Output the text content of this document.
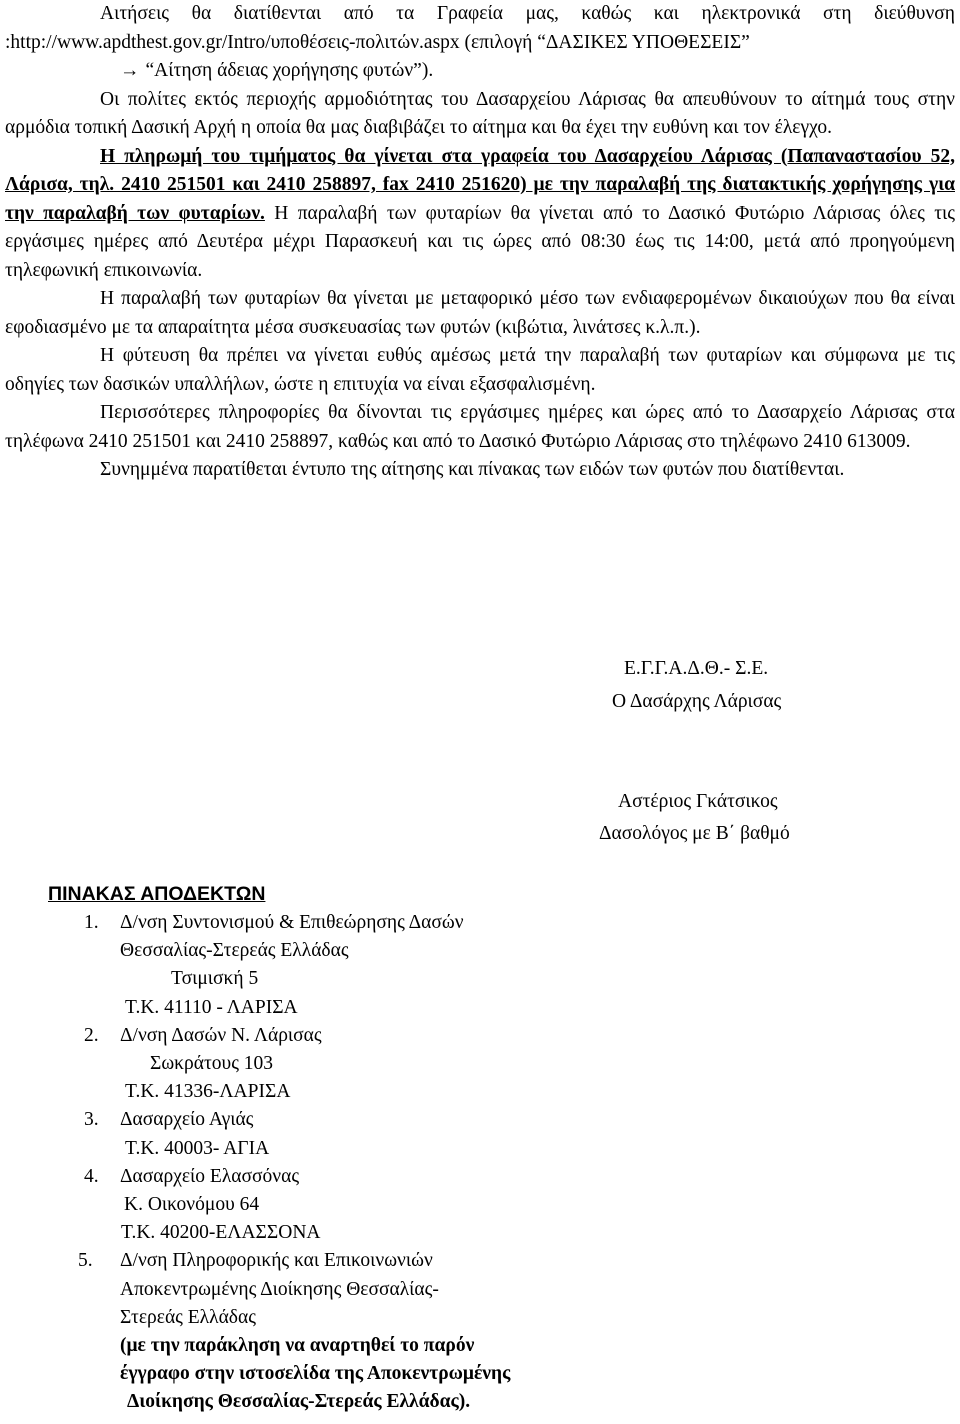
Αιτήσεις θα διατίθενται από τα Γραφεία μας, καθώς και ηλεκτρονικά στη διεύθυνση :http://www.apdthest.gov.gr/Intro/υποθέσεις-πολιτών.aspx (επιλογή “ΔΑΣΙΚΕΣ ΥΠΟΘΕΣΕΙΣ”
→ “Αίτηση άδειας χορήγησης φυτών”).

Οι πολίτες εκτός περιοχής αρμοδιότητας του Δασαρχείου Λάρισας θα απευθύνουν το αίτημά τους στην αρμόδια τοπική Δασική Αρχή η οποία θα μας διαβιβάζει το αίτημα και θα έχει την ευθύνη και τον έλεγχο.

Η πληρωμή του τιμήματος θα γίνεται στα γραφεία του Δασαρχείου Λάρισας (Παπαναστασίου 52, Λάρισα, τηλ. 2410 251501 και 2410 258897, fax 2410 251620) με την παραλαβή της διατακτικής χορήγησης για την παραλαβή των φυταρίων. Η παραλαβή των φυταρίων θα γίνεται από το Δασικό Φυτώριο Λάρισας όλες τις εργάσιμες ημέρες από Δευτέρα μέχρι Παρασκευή και τις ώρες από 08:30 έως τις 14:00, μετά από προηγούμενη τηλεφωνική επικοινωνία.

Η παραλαβή των φυταρίων θα γίνεται με μεταφορικό μέσο των ενδιαφερομένων δικαιούχων που θα είναι εφοδιασμένο με τα απαραίτητα μέσα συσκευασίας των φυτών (κιβώτια, λινάτσες κ.λ.π.).

Η φύτευση θα πρέπει να γίνεται ευθύς αμέσως μετά την παραλαβή των φυταρίων και σύμφωνα με τις οδηγίες των δασικών υπαλλήλων, ώστε η επιτυχία να είναι εξασφαλισμένη.

Περισσότερες πληροφορίες θα δίνονται τις εργάσιμες ημέρες και ώρες από το Δασαρχείο Λάρισας στα τηλέφωνα 2410 251501 και 2410 258897, καθώς και από το Δασικό Φυτώριο Λάρισας στο τηλέφωνο 2410 613009.

Συνημμένα παρατίθεται έντυπο της αίτησης και πίνακας των ειδών των φυτών που διατίθενται.

Ε.Γ.Γ.Α.Δ.Θ.- Σ.Ε.
Ο Δασάρχης Λάρισας
Αστέριος Γκάτσικος
Δασολόγος με Β΄ βαθμό
ΠΙΝΑΚΑΣ ΑΠΟΔΕΚΤΩΝ
1.	Δ/νση Συντονισμού & Επιθεώρησης Δασών
Θεσσαλίας-Στερεάς Ελλάδας
Τσιμισκή 5
Τ.Κ. 41110 - ΛΑΡΙΣΑ
2.	Δ/νση Δασών Ν. Λάρισας
Σωκράτους 103
Τ.Κ. 41336-ΛΑΡΙΣΑ
3.	Δασαρχείο Αγιάς
Τ.Κ. 40003- ΑΓΙΑ
4.	Δασαρχείο Ελασσόνας
Κ. Οικονόμου 64
Τ.Κ. 40200-ΕΛΑΣΣΟΝΑ
5.	Δ/νση Πληροφορικής και Επικοινωνιών
Αποκεντρωμένης Διοίκησης Θεσσαλίας-
Στερεάς Ελλάδας
(με την παράκληση να αναρτηθεί το παρόν
έγγραφο στην ιστοσελίδα της Αποκεντρωμένης
Διοίκησης Θεσσαλίας-Στερεάς Ελλάδας).
